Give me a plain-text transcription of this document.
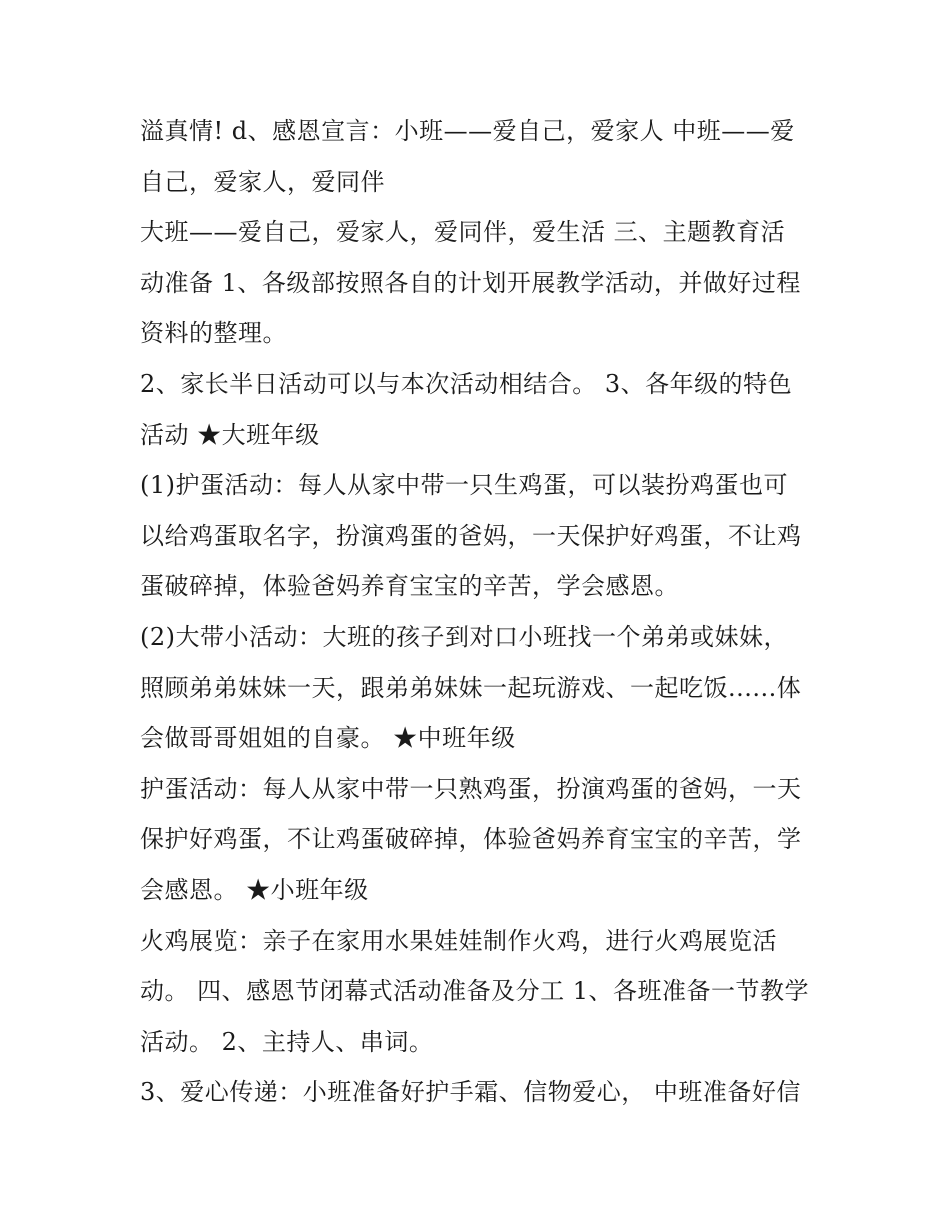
溢真情! d、感恩宣言：小班——爱自己，爱家人 中班——爱
自己，爱家人，爱同伴
大班——爱自己，爱家人，爱同伴，爱生活 三、主题教育活
动准备 1、各级部按照各自的计划开展教学活动，并做好过程
资料的整理。
2、家长半日活动可以与本次活动相结合。 3、各年级的特色
活动 ★大班年级
(1)护蛋活动：每人从家中带一只生鸡蛋，可以装扮鸡蛋也可
以给鸡蛋取名字，扮演鸡蛋的爸妈，一天保护好鸡蛋，不让鸡
蛋破碎掉，体验爸妈养育宝宝的辛苦，学会感恩。
(2)大带小活动：大班的孩子到对口小班找一个弟弟或妹妹，
照顾弟弟妹妹一天，跟弟弟妹妹一起玩游戏、一起吃饭......体
会做哥哥姐姐的自豪。 ★中班年级
护蛋活动：每人从家中带一只熟鸡蛋，扮演鸡蛋的爸妈，一天
保护好鸡蛋，不让鸡蛋破碎掉，体验爸妈养育宝宝的辛苦，学
会感恩。 ★小班年级
火鸡展览：亲子在家用水果娃娃制作火鸡，进行火鸡展览活
动。 四、感恩节闭幕式活动准备及分工 1、各班准备一节教学
活动。 2、主持人、串词。
3、爱心传递：小班准备好护手霜、信物爱心， 中班准备好信
